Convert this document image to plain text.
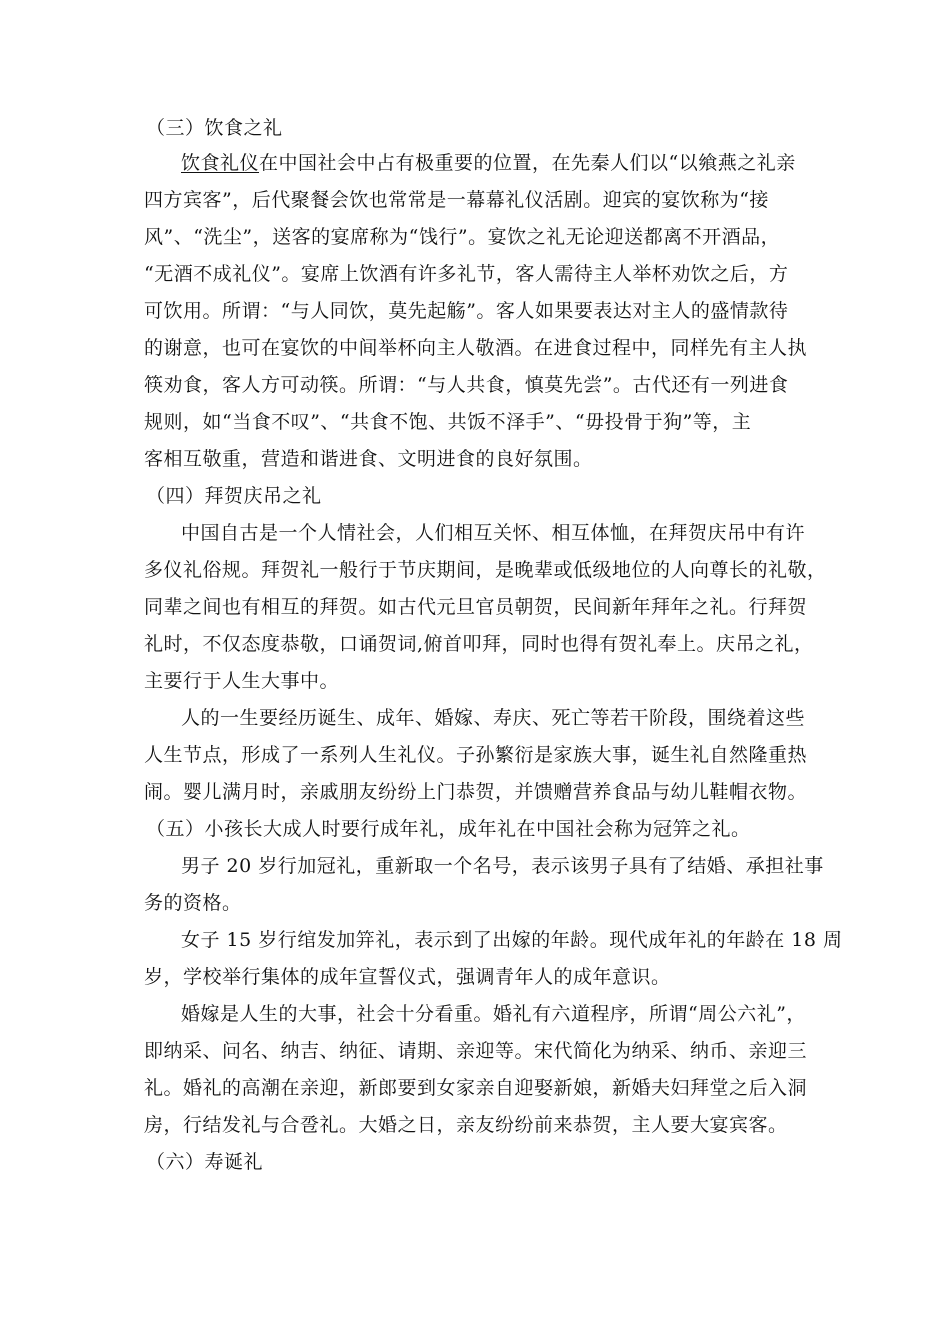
（三）饮食之礼
饮食礼仪在中国社会中占有极重要的位置，在先秦人们以“以飨燕之礼亲
四方宾客”，后代聚餐会饮也常常是一幕幕礼仪活剧。迎宾的宴饮称为“接
风”、“洗尘”，送客的宴席称为“饯行”。宴饮之礼无论迎送都离不开酒品，
“无酒不成礼仪”。宴席上饮酒有许多礼节，客人需待主人举杯劝饮之后，方
可饮用。所谓：“与人同饮，莫先起觞”。客人如果要表达对主人的盛情款待
的谢意，也可在宴饮的中间举杯向主人敬酒。在进食过程中，同样先有主人执
筷劝食，客人方可动筷。所谓：“与人共食，慎莫先尝”。古代还有一列进食
规则，如“当食不叹”、“共食不饱、共饭不泽手”、“毋投骨于狗”等，主
客相互敬重，营造和谐进食、文明进食的良好氛围。
（四）拜贺庆吊之礼
中国自古是一个人情社会，人们相互关怀、相互体恤，在拜贺庆吊中有许
多仪礼俗规。拜贺礼一般行于节庆期间，是晚辈或低级地位的人向尊长的礼敬，
同辈之间也有相互的拜贺。如古代元旦官员朝贺，民间新年拜年之礼。行拜贺
礼时，不仅态度恭敬，口诵贺词,俯首叩拜，同时也得有贺礼奉上。庆吊之礼，
主要行于人生大事中。
人的一生要经历诞生、成年、婚嫁、寿庆、死亡等若干阶段，围绕着这些
人生节点，形成了一系列人生礼仪。子孙繁衍是家族大事，诞生礼自然隆重热
闹。婴儿满月时，亲戚朋友纷纷上门恭贺，并馈赠营养食品与幼儿鞋帽衣物。
（五）小孩长大成人时要行成年礼，成年礼在中国社会称为冠笄之礼。
男子 20 岁行加冠礼，重新取一个名号，表示该男子具有了结婚、承担社事
务的资格。
女子 15 岁行绾发加笄礼，表示到了出嫁的年龄。现代成年礼的年龄在 18 周
岁，学校举行集体的成年宣誓仪式，强调青年人的成年意识。
婚嫁是人生的大事，社会十分看重。婚礼有六道程序，所谓“周公六礼”，
即纳采、问名、纳吉、纳征、请期、亲迎等。宋代简化为纳采、纳币、亲迎三
礼。婚礼的高潮在亲迎，新郎要到女家亲自迎娶新娘，新婚夫妇拜堂之后入洞
房，行结发礼与合卺礼。大婚之日，亲友纷纷前来恭贺，主人要大宴宾客。
（六）寿诞礼
